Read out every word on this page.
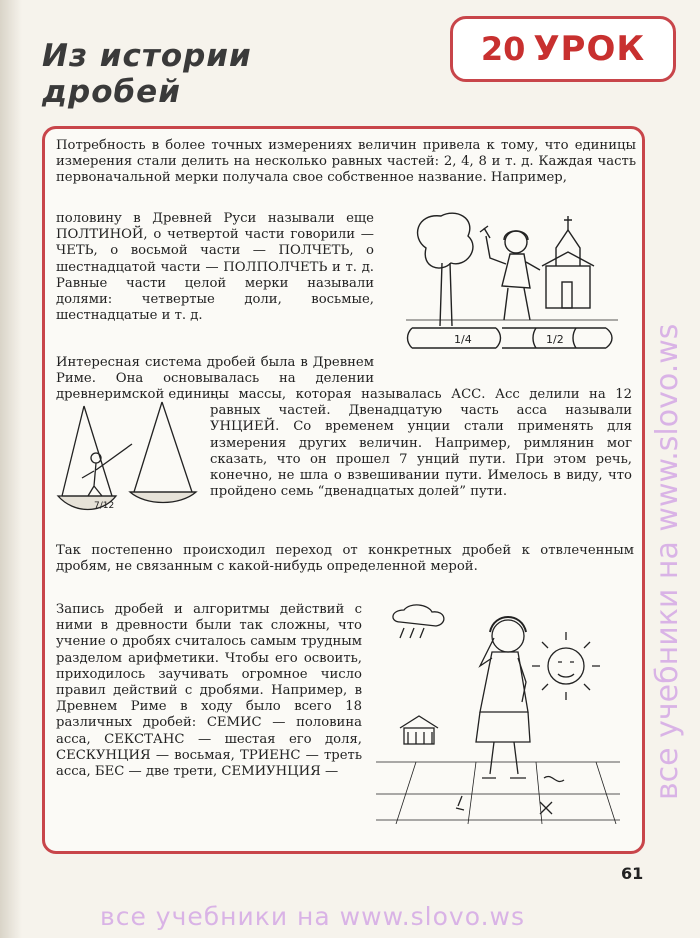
Из истории
дробей
20 УРОК

Потребность в более точных измерениях величин привела к тому, что единицы измерения стали делить на несколько равных частей: 2, 4, 8 и т. д. Каждая часть первоначальной мерки получала свое собственное название. Например,

половину в Древней Руси называли еще ПОЛТИНОЙ, о четвертой части говорили — ЧЕТЬ, о восьмой части — ПОЛЧЕТЬ, о шестнадцатой части — ПОЛПОЛЧЕТЬ и т. д. Равные части целой мерки называли долями: четвертые доли, восьмые, шестнадцатые и т. д.

Интересная система дробей была в Древнем Риме. Она основывалась на делении древнеримской едини-

цы массы, которая называлась АСС. Асс делили на 12 равных частей. Двенадцатую часть асса называли УНЦИЕЙ. Со временем унции стали применять для измерения других величин. Например, римлянин мог сказать, что он прошел 7 унций пути. При этом речь, конечно, не шла о взвешивании пути. Имелось в виду, что пройдено семь “двенадцатых долей” пути.

Так постепенно происходил переход от конкретных дробей к отвлеченным дробям, не связанным с какой-нибудь определенной мерой.

Запись дробей и алгоритмы действий с ними в древности были так сложны, что учение о дробях считалось самым трудным разделом арифметики. Чтобы его освоить, приходилось заучивать огромное число правил действий с дробями. Например, в Древнем Риме в ходу было всего 18 различных дробей: СЕМИС — половина асса, СЕКСТАНС — шестая его доля, СЕСКУНЦИЯ — восьмая, ТРИЕНС — треть асса, БЕС — две трети, СЕМИУНЦИЯ —

1/4	1/2
7/12
61
все учебники на www.slovo.ws
все учебники на www.slovo.ws
